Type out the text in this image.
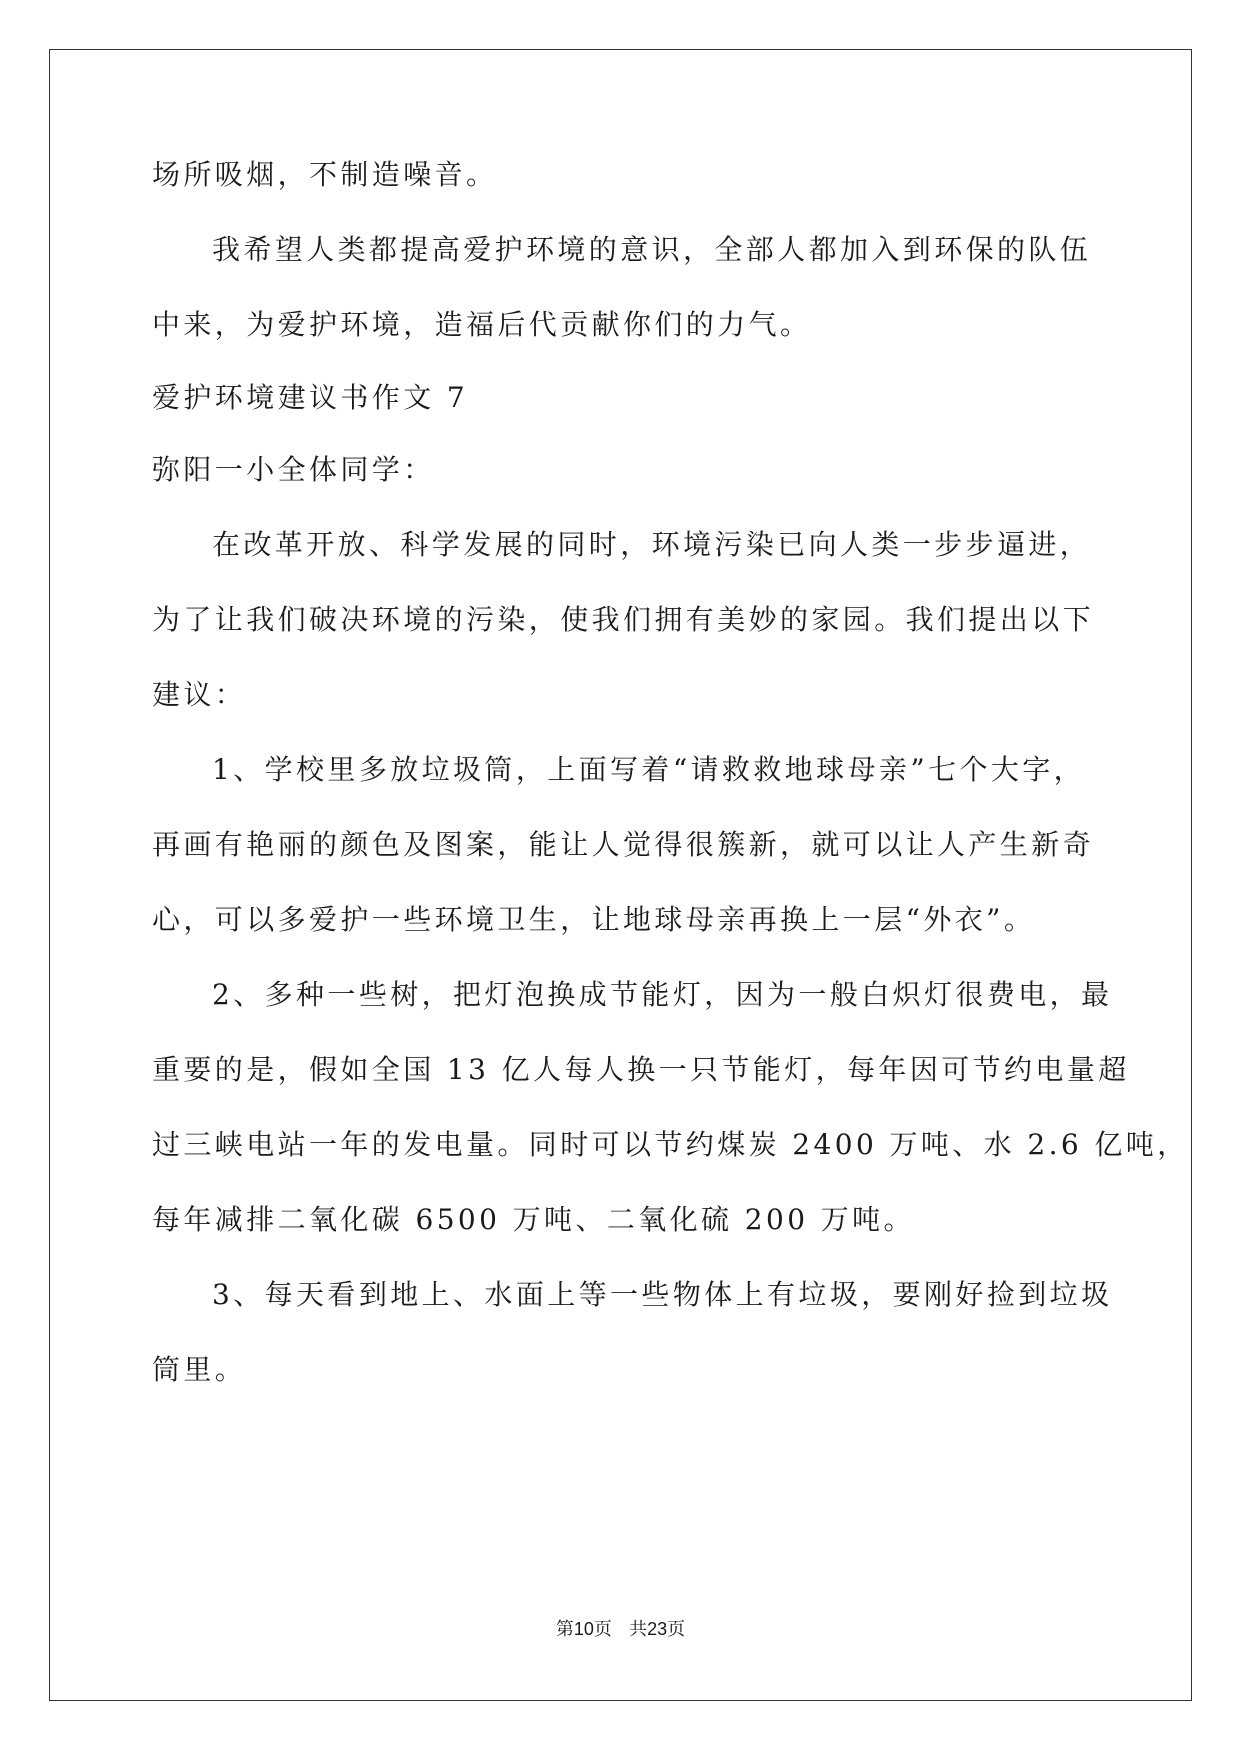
场所吸烟，不制造噪音。
我希望人类都提高爱护环境的意识，全部人都加入到环保的队伍
中来，为爱护环境，造福后代贡献你们的力气。
爱护环境建议书作文 7
弥阳一小全体同学：
在改革开放、科学发展的同时，环境污染已向人类一步步逼进，
为了让我们破决环境的污染，使我们拥有美妙的家园。我们提出以下
建议：
1、学校里多放垃圾筒，上面写着“请救救地球母亲”七个大字，
再画有艳丽的颜色及图案，能让人觉得很簇新，就可以让人产生新奇
心，可以多爱护一些环境卫生，让地球母亲再换上一层“外衣”。
2、多种一些树，把灯泡换成节能灯，因为一般白炽灯很费电，最
重要的是，假如全国 13 亿人每人换一只节能灯，每年因可节约电量超
过三峡电站一年的发电量。同时可以节约煤炭 2400 万吨、水 2.6 亿吨，
每年减排二氧化碳 6500 万吨、二氧化硫 200 万吨。
3、每天看到地上、水面上等一些物体上有垃圾，要刚好捡到垃圾
筒里。
第10页   共23页
